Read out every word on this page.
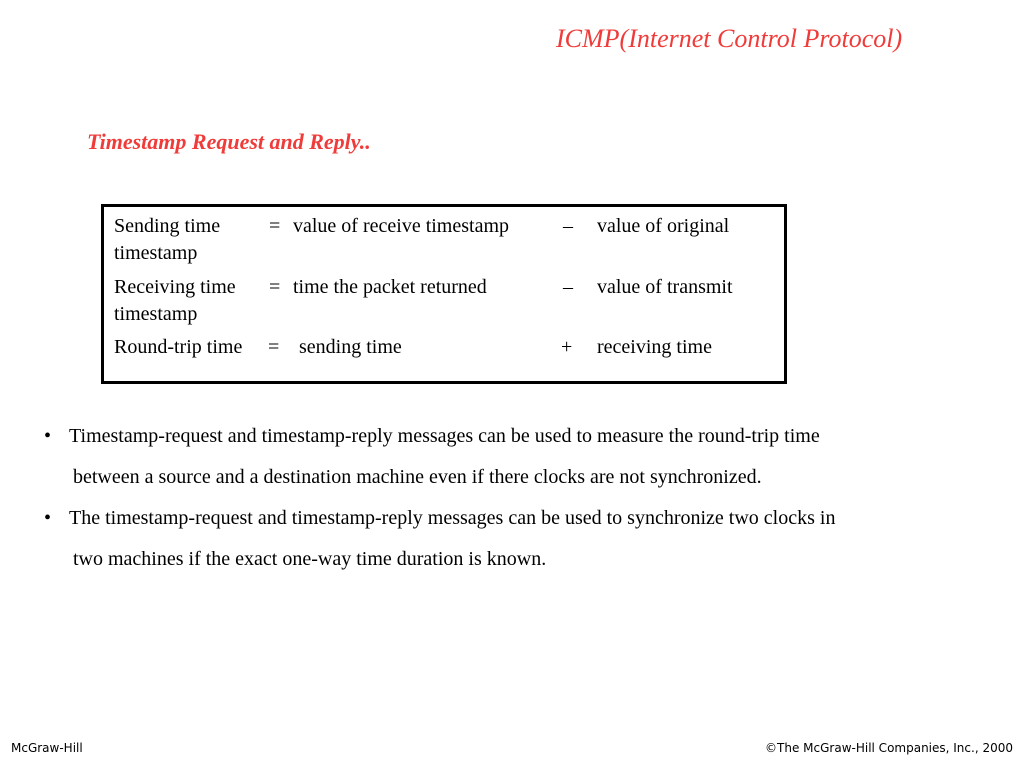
ICMP(Internet Control Protocol)
Timestamp Request and Reply..
Sending time = value of receive timestamp	– value of original
timestamp
Receiving time = time the packet returned	– value of transmit
timestamp
Round-trip time = sending time	+ receiving time
• Timestamp-request and timestamp-reply messages can be used to measure the round-trip time
between a source and a destination machine even if there clocks are not synchronized.
• The timestamp-request and timestamp-reply messages can be used to synchronize two clocks in
two machines if the exact one-way time duration is known.
McGraw-Hill	©The McGraw-Hill Companies, Inc., 2000
